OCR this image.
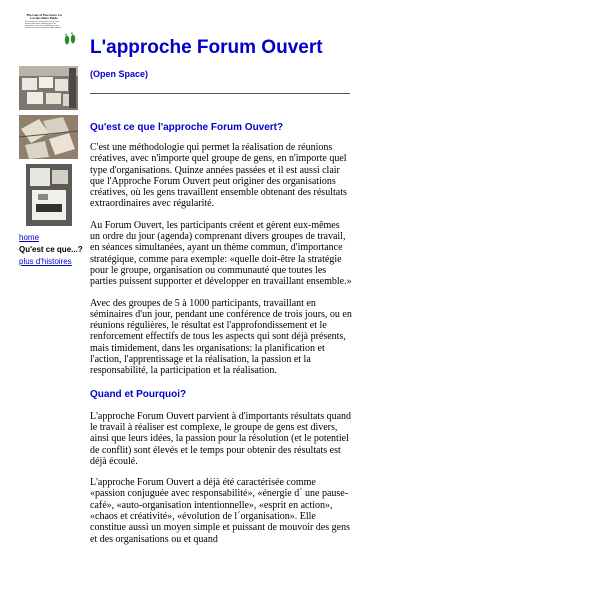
The Law of Two Feet / La Loi des Deux Pieds
Si au cours de la rencontre, vous vous trouvez dans une situation où vous n'apprenez rien ni ne contribuez à rien, servez-vous de vos pieds et allez ailleurs.
home
Qu'est ce que...?
plus d'histoires
L'approche Forum Ouvert
(Open Space)
Qu'est ce que l'approche Forum Ouvert?

C'est une méthodologie qui permet la réalisation de réunions créatives, avec n'importe quel groupe de gens, en n'importe quel type d'organisations. Quinze années passées et il est aussi clair que l'Approche Forum Ouvert peut originer des organisations créatives, où les gens travaillent ensemble obtenant des résultats extraordinaires avec régularité.

Au Forum Ouvert, les participants créent et gèrent eux-mêmes un ordre du jour (agenda) comprenant divers groupes de travail, en séances simultanées, ayant un thème commun, d'importance stratégique, comme para exemple: «quelle doit-être la stratégie pour le groupe, organisation ou communauté que toutes les parties puissent supporter et développer en travaillant ensemble.»

Avec des groupes de 5 à 1000 participants, travaillant en séminaires d'un jour, pendant une conférence de trois jours, ou en réunions régulières, le résultat est l'approfondissement et le renforcement effectifs de tous les aspects qui sont déjà présents, mais timidement, dans les organisations: la planification et l'action, l'apprentissage et la réalisation, la passion et la responsabilité, la participation et la réalisation.

Quand et Pourquoi?

L'approche Forum Ouvert parvient à d'importants résultats quand le travail à réaliser est complexe, le groupe de gens est divers, ainsi que leurs idées, la passion pour la résolution (et le potentiel de conflit) sont élevés et le temps pour obtenir des résultats est déjà écoulé.

L'approche Forum Ouvert a déjà été caractérisée comme «passion conjuguée avec responsabilité», «énergie d´ une pause-café», «auto-organisation intentionnelle», «esprit en action», «chaos et créativité», «évolution de l´organisation». Elle constitue aussi un moyen simple et puissant de mouvoir des gens et des organisations ou et quand
